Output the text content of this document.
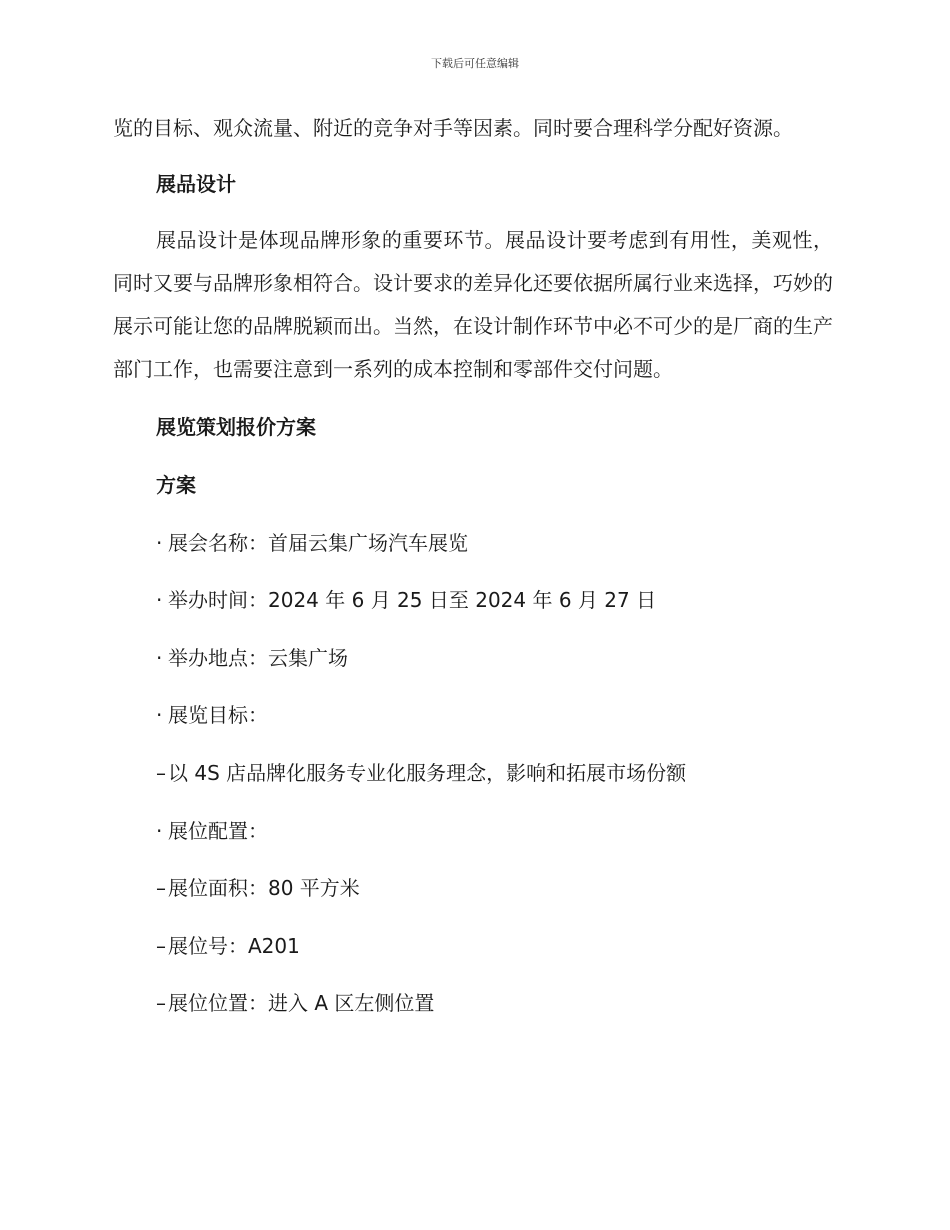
下载后可任意编辑

览的目标、观众流量、附近的竞争对手等因素。同时要合理科学分配好资源。

展品设计

展品设计是体现品牌形象的重要环节。展品设计要考虑到有用性，美观性，同时又要与品牌形象相符合。设计要求的差异化还要依据所属行业来选择，巧妙的展示可能让您的品牌脱颖而出。当然，在设计制作环节中必不可少的是厂商的生产部门工作，也需要注意到一系列的成本控制和零部件交付问题。

展览策划报价方案

方案

· 展会名称：首届云集广场汽车展览

· 举办时间：2024 年 6 月 25 日至 2024 年 6 月 27 日

· 举办地点：云集广场

· 展览目标：

– 以 4S 店品牌化服务专业化服务理念，影响和拓展市场份额

· 展位配置：

– 展位面积：80 平方米

– 展位号：A201

– 展位位置：进入 A 区左侧位置
